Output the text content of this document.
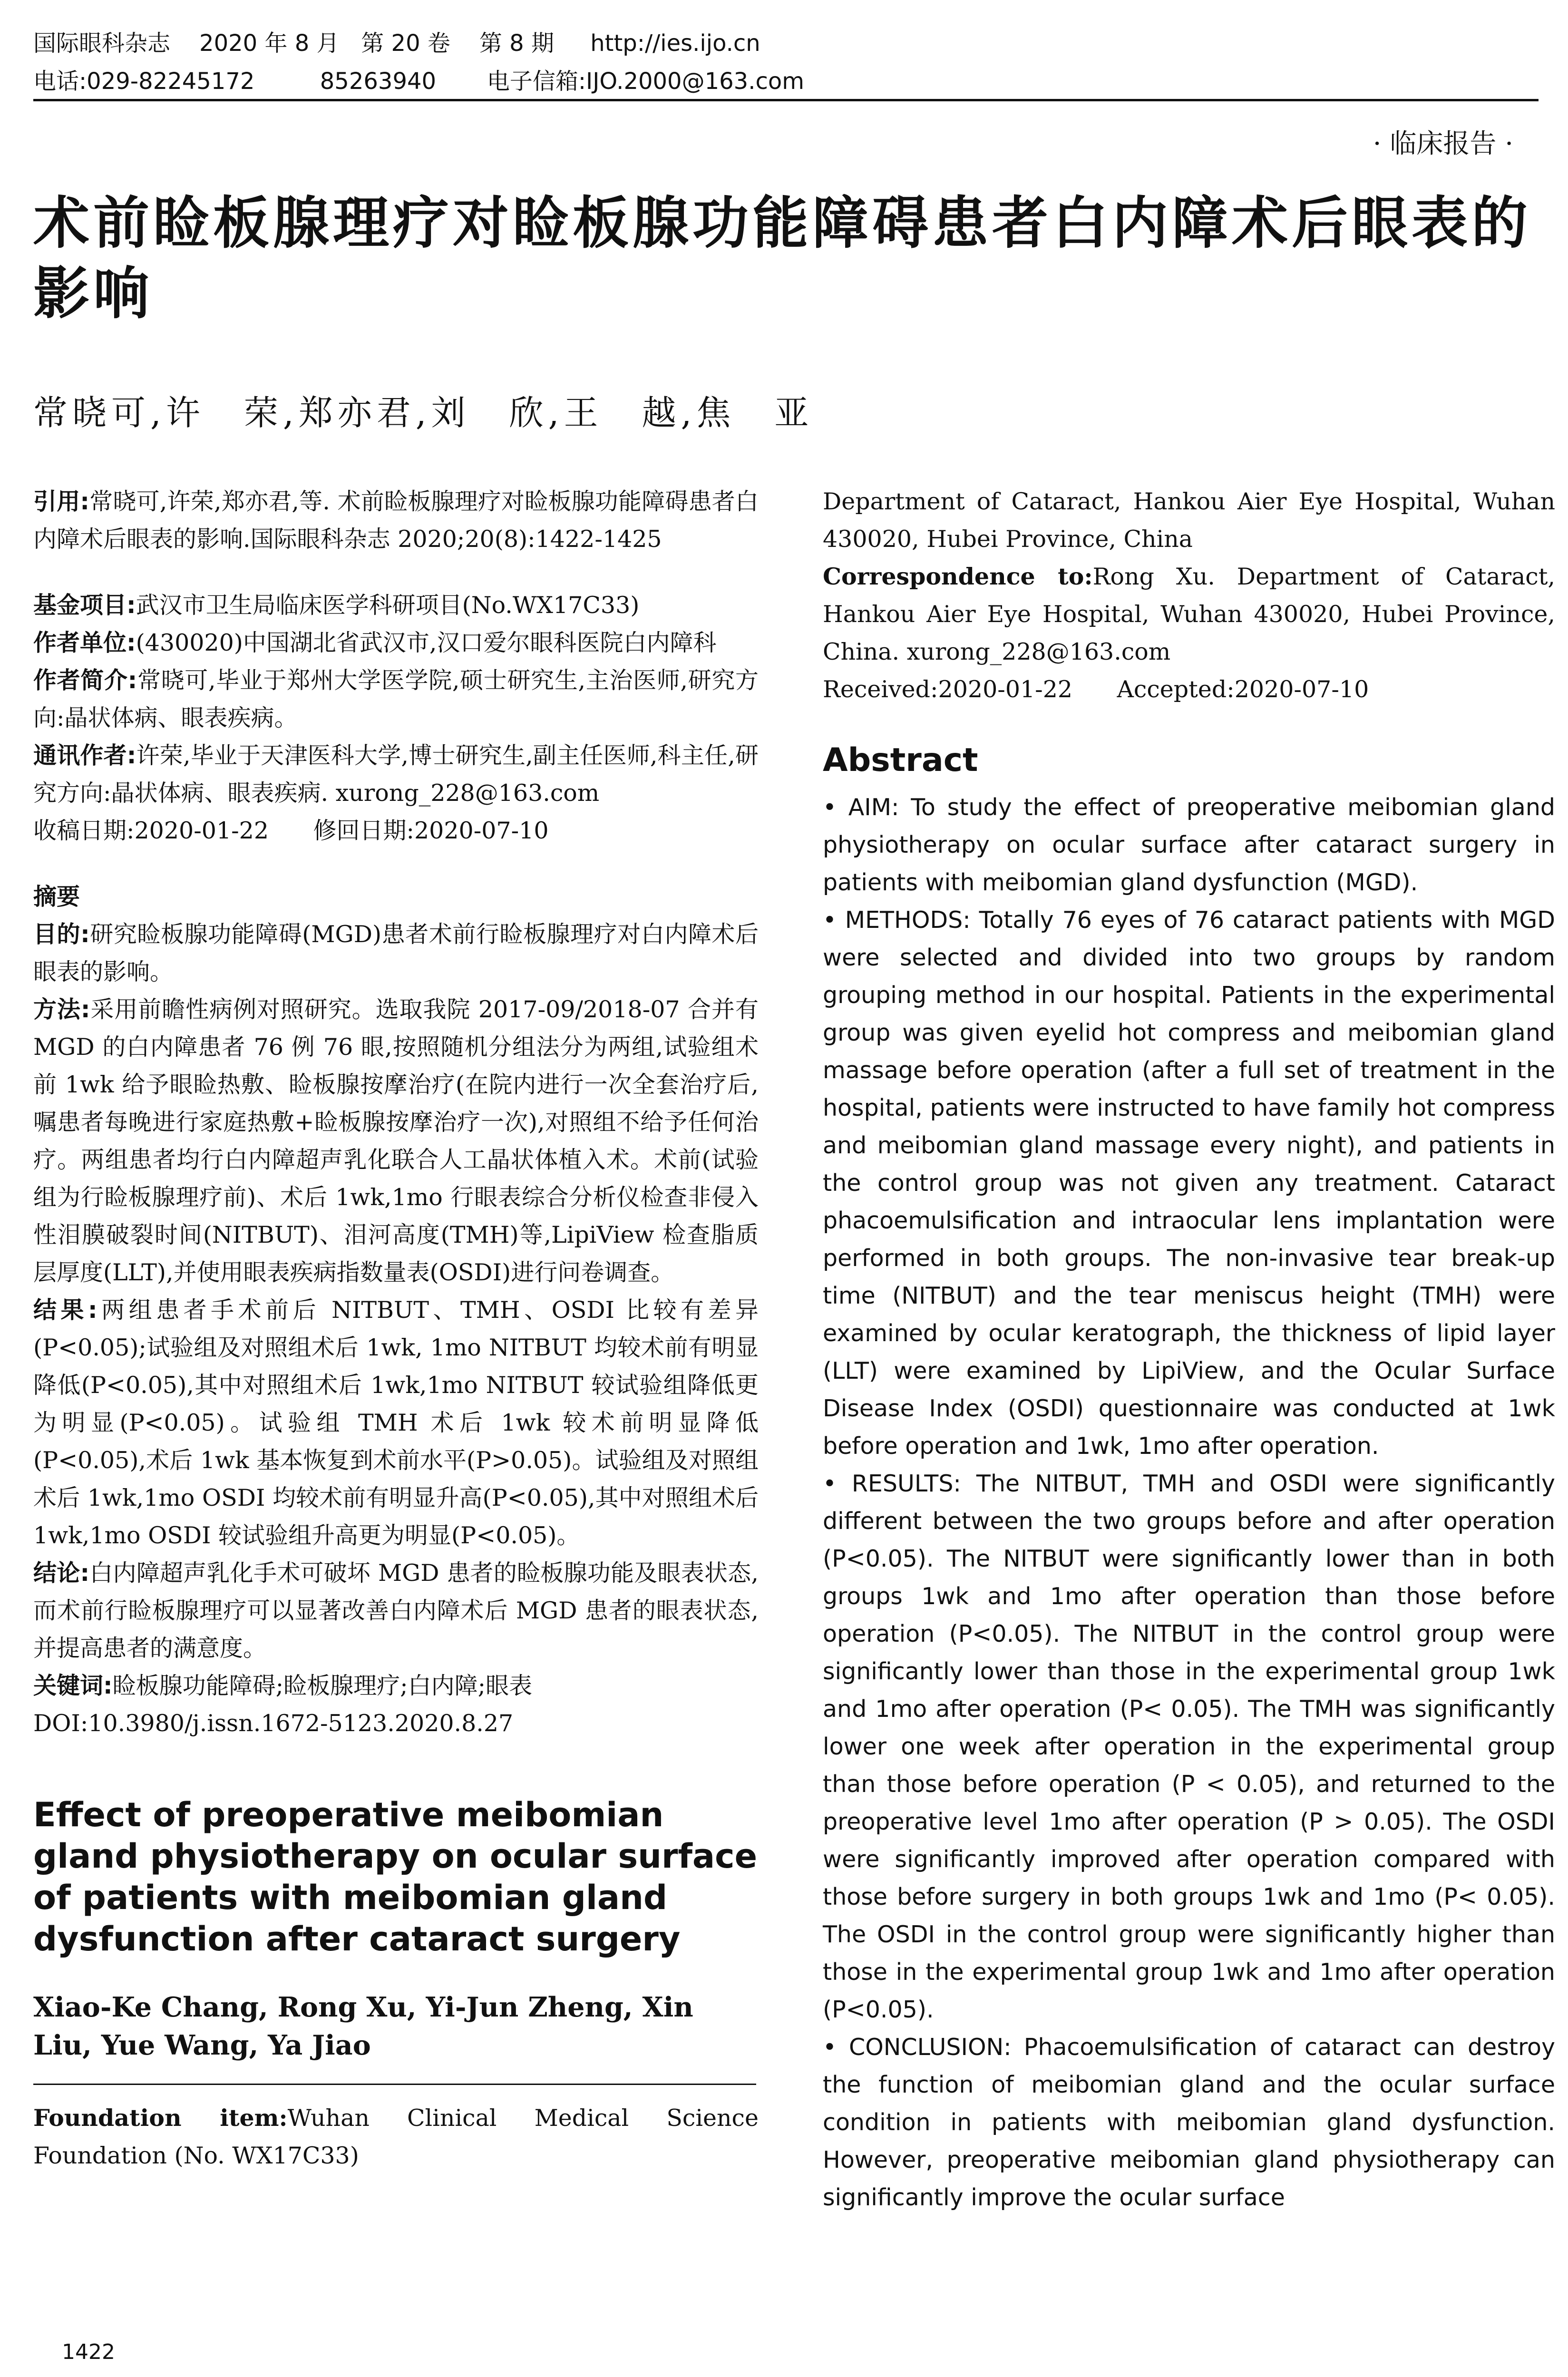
国际眼科杂志    2020 年 8 月   第 20 卷    第 8 期     http://ies.ijo.cn
电话:029-82245172         85263940       电子信箱:IJO.2000@163.com
· 临床报告 ·
术前睑板腺理疗对睑板腺功能障碍患者白内障术后眼表的影响
常晓可,许　荣,郑亦君,刘　欣,王　越,焦　亚

引用:常晓可,许荣,郑亦君,等. 术前睑板腺理疗对睑板腺功能障碍患者白内障术后眼表的影响.国际眼科杂志 2020;20(8):1422-1425

基金项目:武汉市卫生局临床医学科研项目(No.WX17C33)

作者单位:(430020)中国湖北省武汉市,汉口爱尔眼科医院白内障科

作者简介:常晓可,毕业于郑州大学医学院,硕士研究生,主治医师,研究方向:晶状体病、眼表疾病。

通讯作者:许荣,毕业于天津医科大学,博士研究生,副主任医师,科主任,研究方向:晶状体病、眼表疾病. xurong_228@163.com

收稿日期:2020-01-22      修回日期:2020-07-10

摘要

目的:研究睑板腺功能障碍(MGD)患者术前行睑板腺理疗对白内障术后眼表的影响。

方法:采用前瞻性病例对照研究。选取我院 2017-09/2018-07 合并有 MGD 的白内障患者 76 例 76 眼,按照随机分组法分为两组,试验组术前 1wk 给予眼睑热敷、睑板腺按摩治疗(在院内进行一次全套治疗后,嘱患者每晚进行家庭热敷+睑板腺按摩治疗一次),对照组不给予任何治疗。两组患者均行白内障超声乳化联合人工晶状体植入术。术前(试验组为行睑板腺理疗前)、术后 1wk,1mo 行眼表综合分析仪检查非侵入性泪膜破裂时间(NITBUT)、泪河高度(TMH)等,LipiView 检查脂质层厚度(LLT),并使用眼表疾病指数量表(OSDI)进行问卷调查。

结果:两组患者手术前后 NITBUT、TMH、OSDI 比较有差异(P<0.05);试验组及对照组术后 1wk, 1mo NITBUT 均较术前有明显降低(P<0.05),其中对照组术后 1wk,1mo NITBUT 较试验组降低更为明显(P<0.05)。试验组 TMH 术后 1wk 较术前明显降低(P<0.05),术后 1wk 基本恢复到术前水平(P>0.05)。试验组及对照组术后 1wk,1mo OSDI 均较术前有明显升高(P<0.05),其中对照组术后 1wk,1mo OSDI 较试验组升高更为明显(P<0.05)。

结论:白内障超声乳化手术可破坏 MGD 患者的睑板腺功能及眼表状态,而术前行睑板腺理疗可以显著改善白内障术后 MGD 患者的眼表状态,并提高患者的满意度。

关键词:睑板腺功能障碍;睑板腺理疗;白内障;眼表

DOI:10.3980/j.issn.1672-5123.2020.8.27

Effect of preoperative meibomian gland physiotherapy on ocular surface of patients with meibomian gland dysfunction after cataract surgery

Xiao-Ke Chang, Rong Xu, Yi-Jun Zheng, Xin Liu, Yue Wang, Ya Jiao

Foundation item:Wuhan Clinical Medical Science Foundation (No. WX17C33)

Department of Cataract, Hankou Aier Eye Hospital, Wuhan 430020, Hubei Province, China

Correspondence to:Rong Xu. Department of Cataract, Hankou Aier Eye Hospital, Wuhan 430020, Hubei Province, China. xurong_228@163.com

Received:2020-01-22      Accepted:2020-07-10

Abstract

• AIM: To study the effect of preoperative meibomian gland physiotherapy on ocular surface after cataract surgery in patients with meibomian gland dysfunction (MGD).

• METHODS: Totally 76 eyes of 76 cataract patients with MGD were selected and divided into two groups by random grouping method in our hospital. Patients in the experimental group was given eyelid hot compress and meibomian gland massage before operation (after a full set of treatment in the hospital, patients were instructed to have family hot compress and meibomian gland massage every night), and patients in the control group was not given any treatment. Cataract phacoemulsification and intraocular lens implantation were performed in both groups. The non-invasive tear break-up time (NITBUT) and the tear meniscus height (TMH) were examined by ocular keratograph, the thickness of lipid layer (LLT) were examined by LipiView, and the Ocular Surface Disease Index (OSDI) questionnaire was conducted at 1wk before operation and 1wk, 1mo after operation.

• RESULTS: The NITBUT, TMH and OSDI were significantly different between the two groups before and after operation (P<0.05). The NITBUT were significantly lower than in both groups 1wk and 1mo after operation than those before operation (P<0.05). The NITBUT in the control group were significantly lower than those in the experimental group 1wk and 1mo after operation (P< 0.05). The TMH was significantly lower one week after operation in the experimental group than those before operation (P < 0.05), and returned to the preoperative level 1mo after operation (P > 0.05). The OSDI were significantly improved after operation compared with those before surgery in both groups 1wk and 1mo (P< 0.05). The OSDI in the control group were significantly higher than those in the experimental group 1wk and 1mo after operation (P<0.05).

• CONCLUSION: Phacoemulsification of cataract can destroy the function of meibomian gland and the ocular surface condition in patients with meibomian gland dysfunction. However, preoperative meibomian gland physiotherapy can significantly improve the ocular surface

1422
